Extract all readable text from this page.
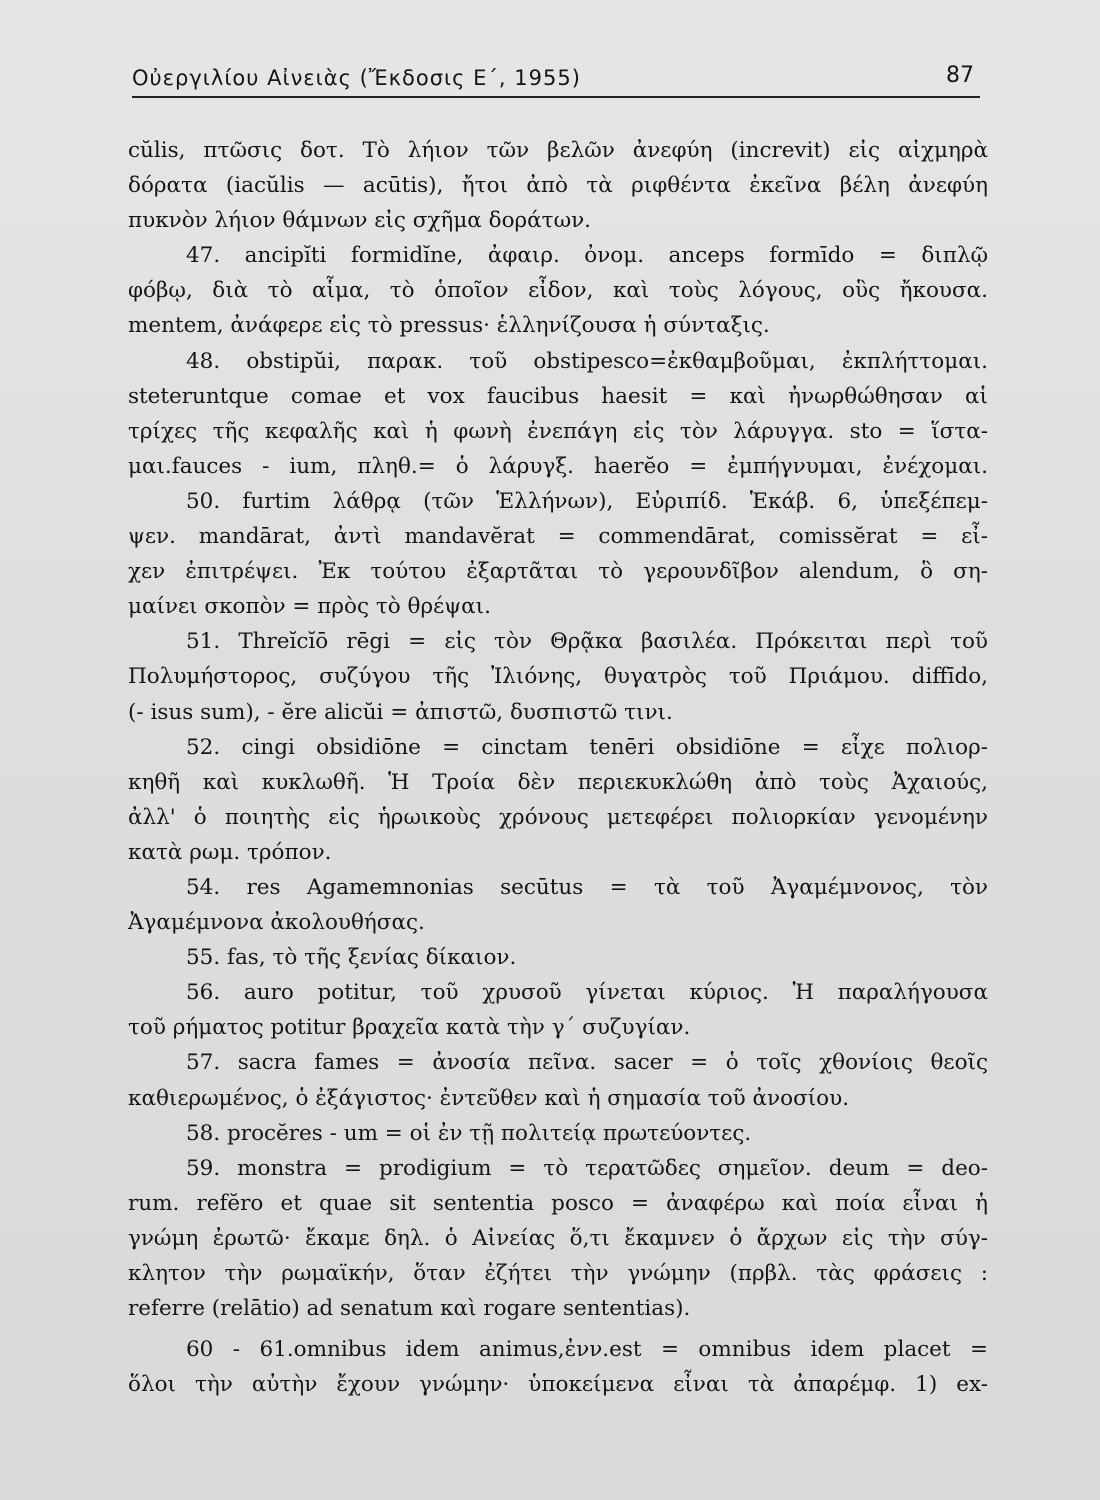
Οὐεργιλίου Αἰνειὰς (Ἔκδοσις Ε΄, 1955)	87
cŭlis, πτῶσις δοτ. Τὸ λήιον τῶν βελῶν ἀνεφύη (increvit) εἰς αἰχμηρὰ
δόρατα (iacŭlis — acūtis), ἤτοι ἀπὸ τὰ ριφθέντα ἐκεῖνα βέλη ἀνεφύη
πυκνὸν λήιον θάμνων εἰς σχῆμα δοράτων.
47. ancipĭti formidĭne, ἀφαιρ. ὀνομ. anceps formīdo = διπλῷ
φόβῳ, διὰ τὸ αἷμα, τὸ ὁποῖον εἶδον, καὶ τοὺς λόγους, οὓς ἤκουσα.
mentem, ἀνάφερε εἰς τὸ pressus· ἑλληνίζουσα ἡ σύνταξις.
48. obstipŭi, παρακ. τοῦ obstipesco=ἐκθαμβοῦμαι, ἐκπλήττομαι.
steteruntque comae et vox faucibus haesit = καὶ ἠνωρθώθησαν αἱ
τρίχες τῆς κεφαλῆς καὶ ἡ φωνὴ ἐνεπάγη εἰς τὸν λάρυγγα. sto = ἵστα-
μαι.fauces - ium, πληθ.= ὁ λάρυγξ. haerĕo = ἐμπήγνυμαι, ἐνέχομαι.
50. furtim λάθρᾳ (τῶν Ἑλλήνων), Εὐριπίδ. Ἑκάβ. 6, ὑπεξέπεμ-
ψεν. mandārat, ἀντὶ mandavĕrat = commendārat, comissĕrat = εἶ-
χεν ἐπιτρέψει. Ἐκ τούτου ἐξαρτᾶται τὸ γερουνδῖβον alendum, ὃ ση-
μαίνει σκοπὸν = πρὸς τὸ θρέψαι.
51. Threĭcĭō rēgi = εἰς τὸν Θρᾷκα βασιλέα. Πρόκειται περὶ τοῦ
Πολυμήστορος, συζύγου τῆς Ἰλιόνης, θυγατρὸς τοῦ Πριάμου. diffīdo,
(- isus sum), - ĕre alicŭi = ἀπιστῶ, δυσπιστῶ τινι.
52. cingi obsidiōne = cinctam tenēri obsidiōne = εἶχε πολιορ-
κηθῆ καὶ κυκλωθῆ. Ἡ Τροία δὲν περιεκυκλώθη ἀπὸ τοὺς Ἀχαιούς,
ἀλλ' ὁ ποιητὴς εἰς ἡρωικοὺς χρόνους μετεφέρει πολιορκίαν γενομένην
κατὰ ρωμ. τρόπον.
54. res Agamemnonias secūtus = τὰ τοῦ Ἀγαμέμνονος, τὸν
Ἀγαμέμνονα ἀκολουθήσας.
55. fas, τὸ τῆς ξενίας δίκαιον.
56. auro potitur, τοῦ χρυσοῦ γίνεται κύριος. Ἡ παραλήγουσα
τοῦ ρήματος potitur βραχεῖα κατὰ τὴν γ΄ συζυγίαν.
57. sacra fames = ἀνοσία πεῖνα. sacer = ὁ τοῖς χθονίοις θεοῖς
καθιερωμένος, ὁ ἐξάγιστος· ἐντεῦθεν καὶ ἡ σημασία τοῦ ἀνοσίου.
58. procĕres - um = οἱ ἐν τῇ πολιτείᾳ πρωτεύοντες.
59. monstra = prodigium = τὸ τερατῶδες σημεῖον. deum = deo-
rum. refĕro et quae sit sententia posco = ἀναφέρω καὶ ποία εἶναι ἡ
γνώμη ἐρωτῶ· ἔκαμε δηλ. ὁ Αἰνείας ὅ,τι ἔκαμνεν ὁ ἄρχων εἰς τὴν σύγ-
κλητον τὴν ρωμαϊκήν, ὅταν ἐζήτει τὴν γνώμην (πρβλ. τὰς φράσεις :
referre (relātio) ad senatum καὶ rogare sententias).
60 - 61.omnibus idem animus,ἐνν.est = omnibus idem placet =
ὅλοι τὴν αὐτὴν ἔχουν γνώμην· ὑποκείμενα εἶναι τὰ ἀπαρέμφ. 1) ex-
